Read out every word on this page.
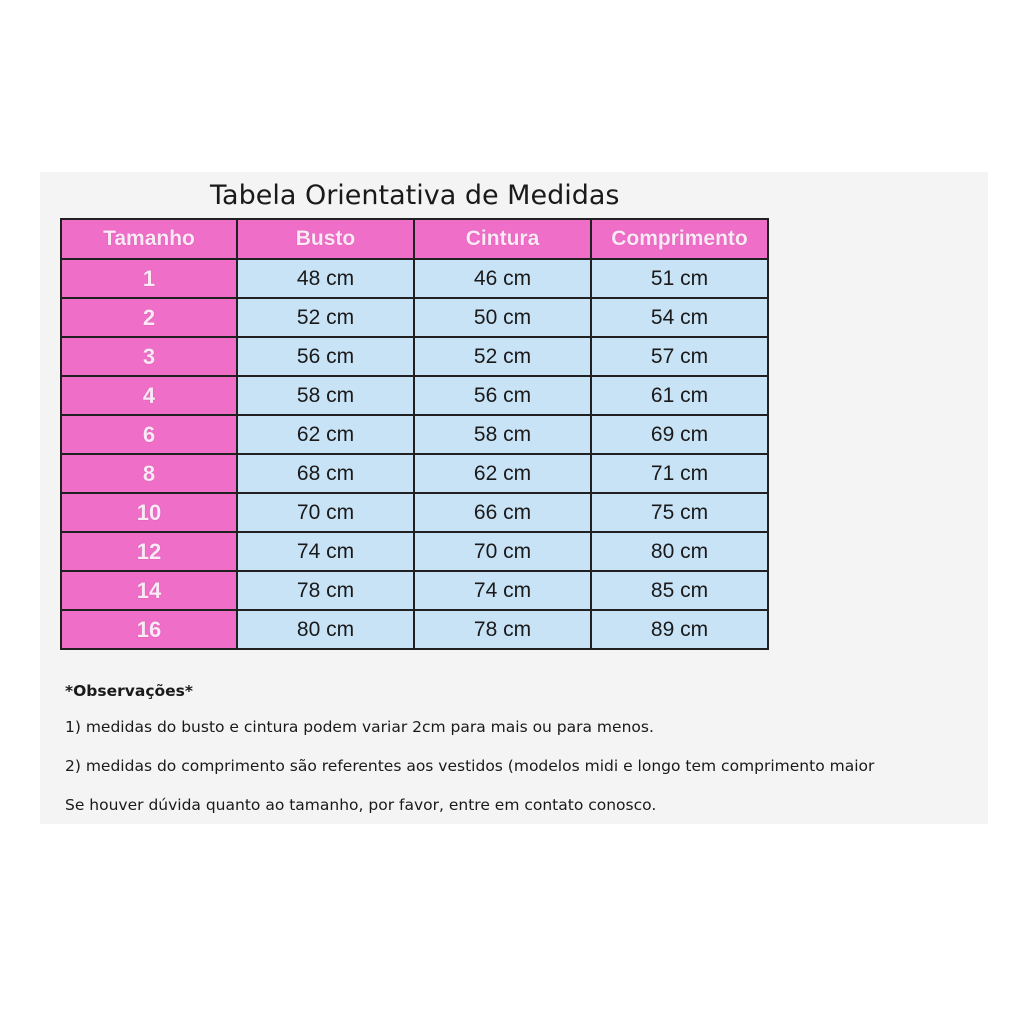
Tabela Orientativa de Medidas
Tamanho	Busto	Cintura	Comprimento
1	48 cm	46 cm	51 cm
2	52 cm	50 cm	54 cm
3	56 cm	52 cm	57 cm
4	58 cm	56 cm	61 cm
6	62 cm	58 cm	69 cm
8	68 cm	62 cm	71 cm
10	70 cm	66 cm	75 cm
12	74 cm	70 cm	80 cm
14	78 cm	74 cm	85 cm
16	80 cm	78 cm	89 cm
*Observações*
1) medidas do busto e cintura podem variar 2cm para mais ou para menos.
2) medidas do comprimento são referentes aos vestidos (modelos midi e longo tem comprimento maior
Se houver dúvida quanto ao tamanho, por favor, entre em contato conosco.
